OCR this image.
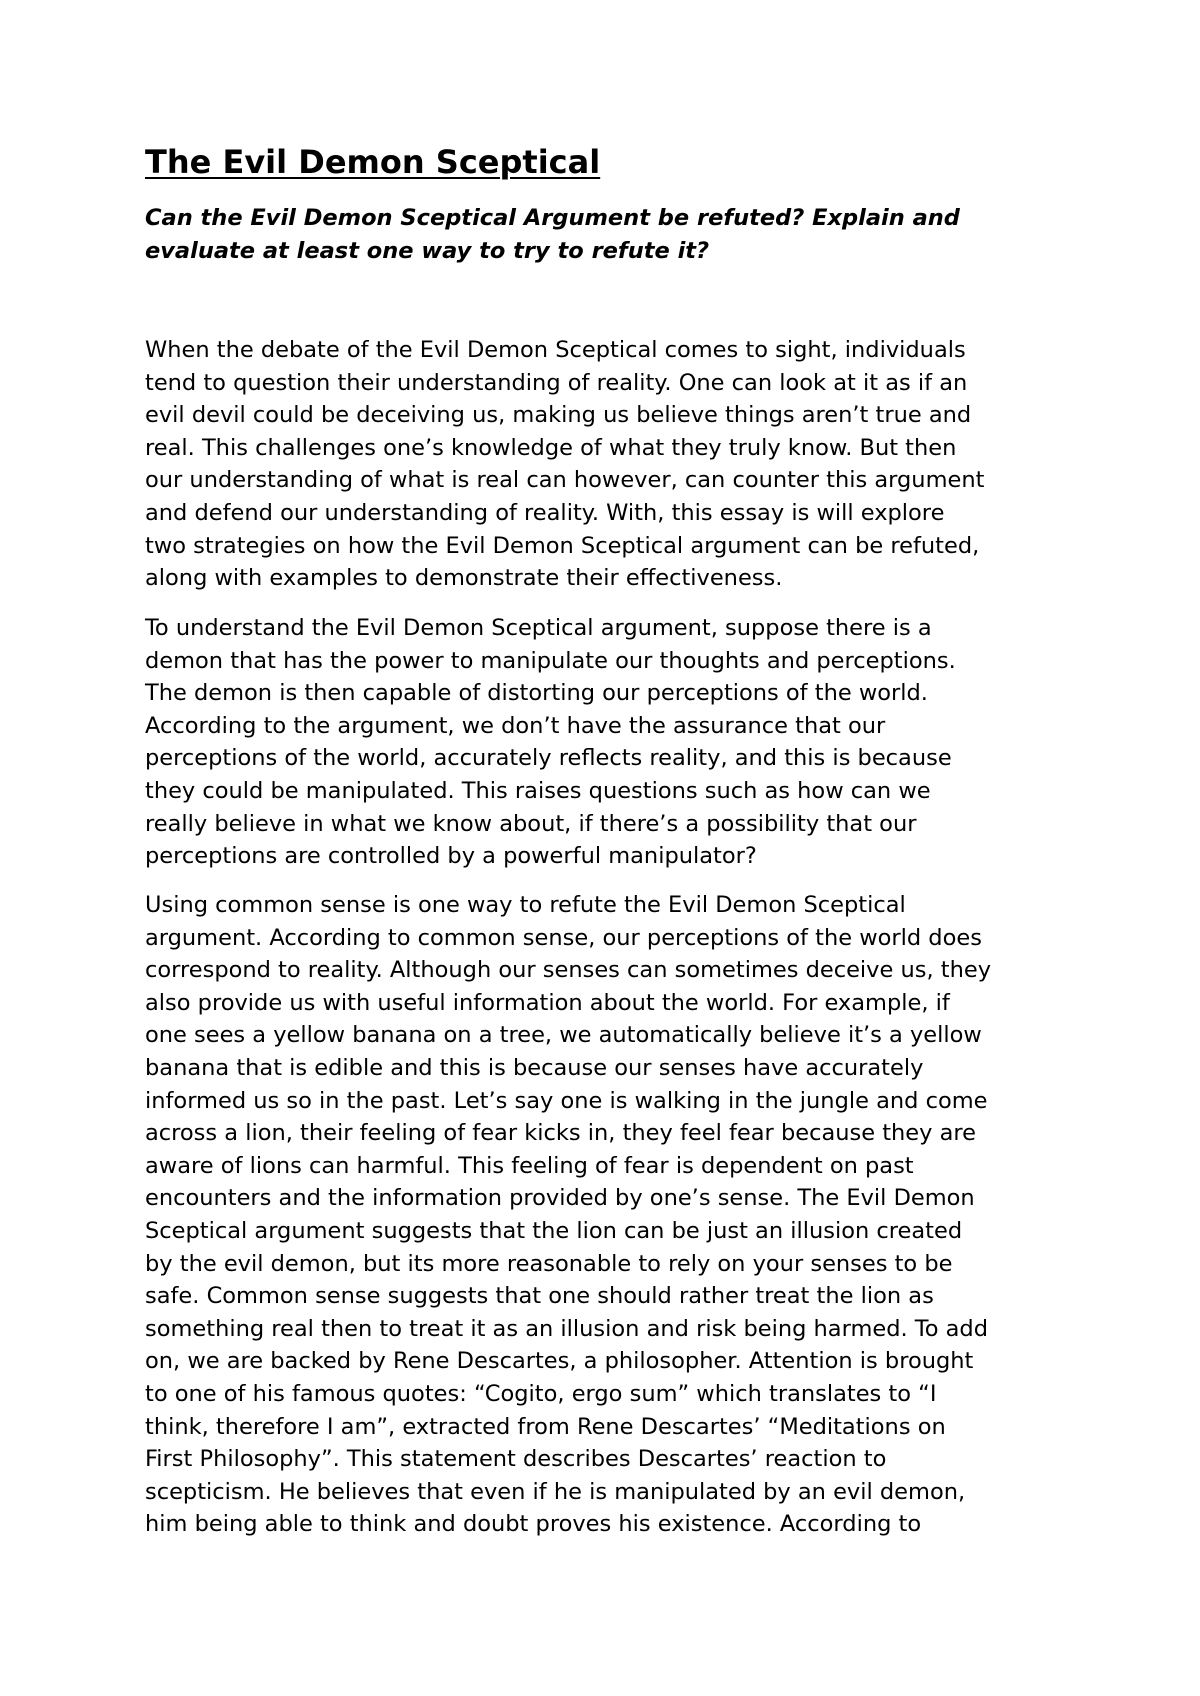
The Evil Demon Sceptical

Can the Evil Demon Sceptical Argument be refuted? Explain and
evaluate at least one way to try to refute it?

When the debate of the Evil Demon Sceptical comes to sight, individuals
tend to question their understanding of reality. One can look at it as if an
evil devil could be deceiving us, making us believe things aren’t true and
real. This challenges one’s knowledge of what they truly know. But then
our understanding of what is real can however, can counter this argument
and defend our understanding of reality. With, this essay is will explore
two strategies on how the Evil Demon Sceptical argument can be refuted,
along with examples to demonstrate their effectiveness.

To understand the Evil Demon Sceptical argument, suppose there is a
demon that has the power to manipulate our thoughts and perceptions.
The demon is then capable of distorting our perceptions of the world.
According to the argument, we don’t have the assurance that our
perceptions of the world, accurately reflects reality, and this is because
they could be manipulated. This raises questions such as how can we
really believe in what we know about, if there’s a possibility that our
perceptions are controlled by a powerful manipulator?

Using common sense is one way to refute the Evil Demon Sceptical
argument. According to common sense, our perceptions of the world does
correspond to reality. Although our senses can sometimes deceive us, they
also provide us with useful information about the world. For example, if
one sees a yellow banana on a tree, we automatically believe it’s a yellow
banana that is edible and this is because our senses have accurately
informed us so in the past. Let’s say one is walking in the jungle and come
across a lion, their feeling of fear kicks in, they feel fear because they are
aware of lions can harmful. This feeling of fear is dependent on past
encounters and the information provided by one’s sense. The Evil Demon
Sceptical argument suggests that the lion can be just an illusion created
by the evil demon, but its more reasonable to rely on your senses to be
safe. Common sense suggests that one should rather treat the lion as
something real then to treat it as an illusion and risk being harmed. To add
on, we are backed by Rene Descartes, a philosopher. Attention is brought
to one of his famous quotes: “Cogito, ergo sum” which translates to “I
think, therefore I am”, extracted from Rene Descartes’ “Meditations on
First Philosophy”. This statement describes Descartes’ reaction to
scepticism. He believes that even if he is manipulated by an evil demon,
him being able to think and doubt proves his existence. According to
